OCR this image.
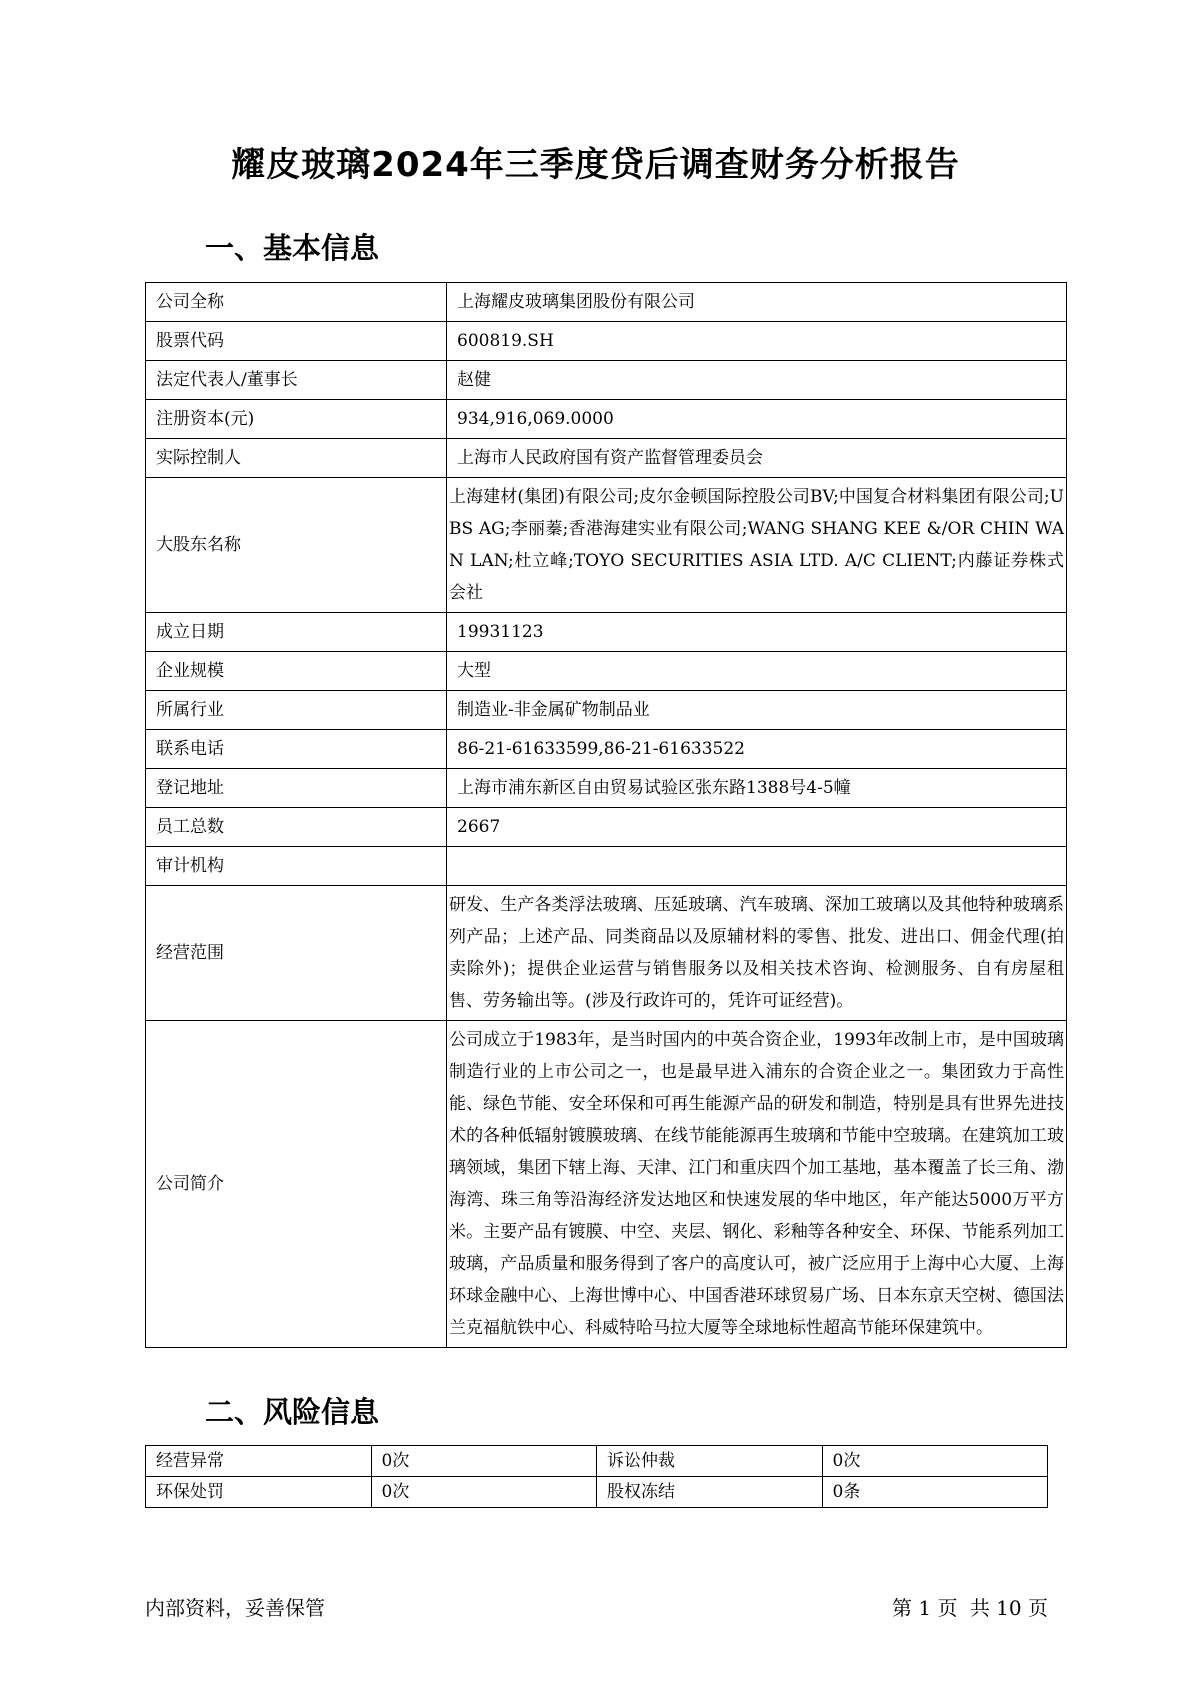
耀皮玻璃2024年三季度贷后调查财务分析报告
一、基本信息
公司全称	上海耀皮玻璃集团股份有限公司
股票代码	600819.SH
法定代表人/董事长	赵健
注册资本(元)	934,916,069.0000
实际控制人	上海市人民政府国有资产监督管理委员会
大股东名称	上海建材(集团)有限公司;皮尔金顿国际控股公司BV;中国复合材料集团有限公司;UBS AG;李丽蓁;香港海建实业有限公司;WANG SHANG KEE &/OR CHIN WAN LAN;杜立峰;TOYO SECURITIES ASIA LTD. A/C CLIENT;内藤证券株式会社
成立日期	19931123
企业规模	大型
所属行业	制造业-非金属矿物制品业
联系电话	86-21-61633599,86-21-61633522
登记地址	上海市浦东新区自由贸易试验区张东路1388号4-5幢
员工总数	2667
审计机构	
经营范围	研发、生产各类浮法玻璃、压延玻璃、汽车玻璃、深加工玻璃以及其他特种玻璃系列产品；上述产品、同类商品以及原辅材料的零售、批发、进出口、佣金代理(拍卖除外)；提供企业运营与销售服务以及相关技术咨询、检测服务、自有房屋租售、劳务输出等。(涉及行政许可的，凭许可证经营)。
公司简介	公司成立于1983年，是当时国内的中英合资企业，1993年改制上市，是中国玻璃制造行业的上市公司之一，也是最早进入浦东的合资企业之一。集团致力于高性能、绿色节能、安全环保和可再生能源产品的研发和制造，特别是具有世界先进技术的各种低辐射镀膜玻璃、在线节能能源再生玻璃和节能中空玻璃。在建筑加工玻璃领域，集团下辖上海、天津、江门和重庆四个加工基地，基本覆盖了长三角、渤海湾、珠三角等沿海经济发达地区和快速发展的华中地区，年产能达5000万平方米。主要产品有镀膜、中空、夹层、钢化、彩釉等各种安全、环保、节能系列加工玻璃，产品质量和服务得到了客户的高度认可，被广泛应用于上海中心大厦、上海环球金融中心、上海世博中心、中国香港环球贸易广场、日本东京天空树、德国法兰克福航铁中心、科威特哈马拉大厦等全球地标性超高节能环保建筑中。
二、风险信息
经营异常	0次	诉讼仲裁	0次
环保处罚	0次	股权冻结	0条
内部资料，妥善保管	第 1 页 共 10 页
